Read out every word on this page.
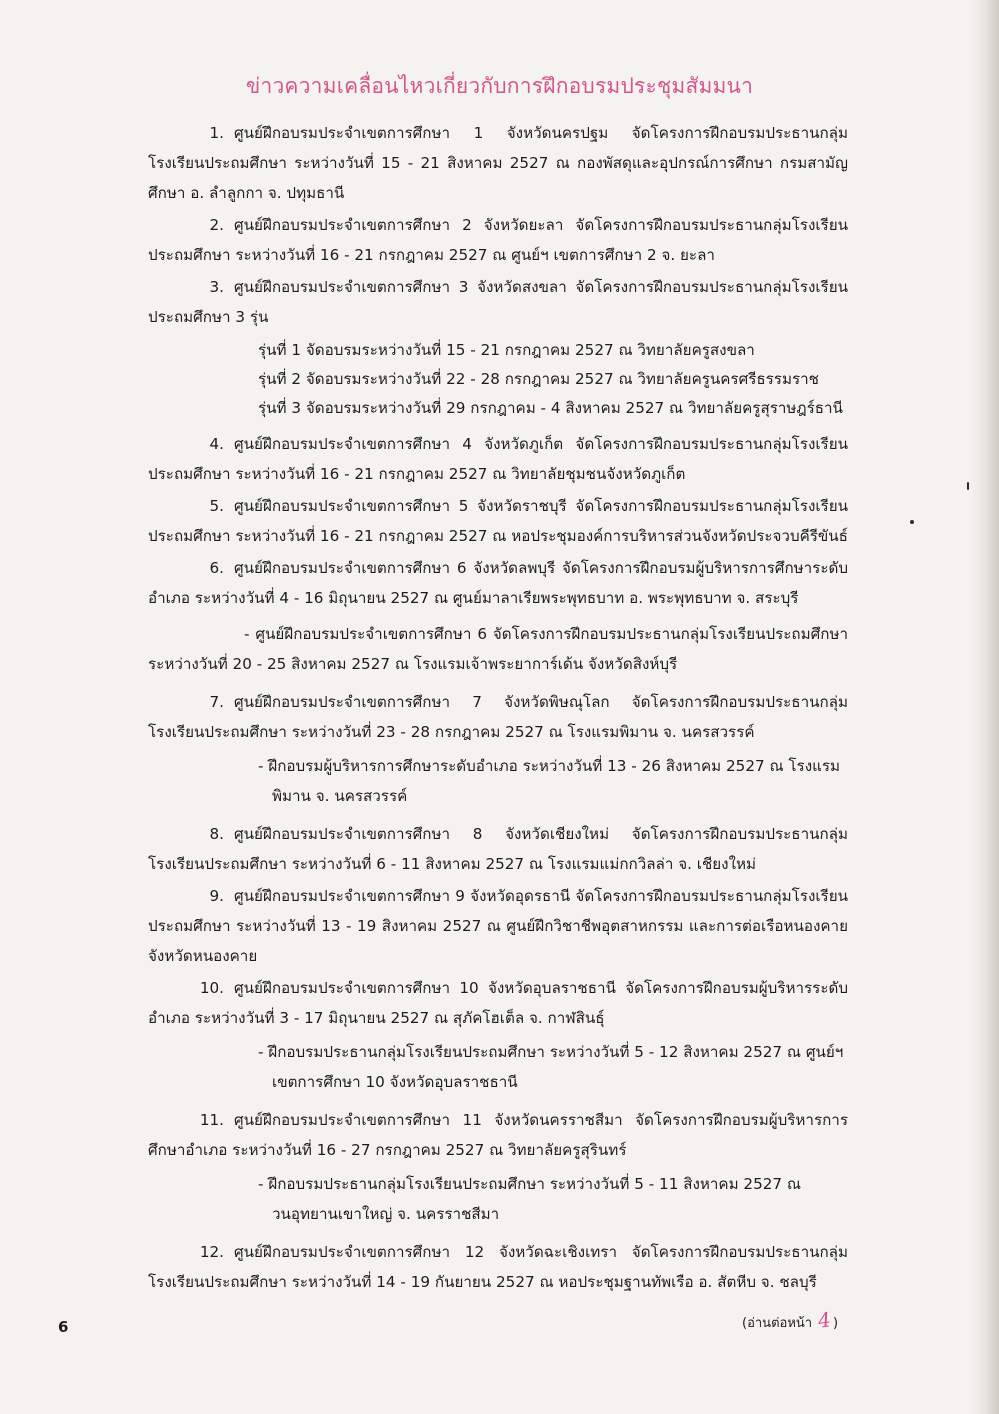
ข่าวความเคลื่อนไหวเกี่ยวกับการฝึกอบรมประชุมสัมมนา

1. ศูนย์ฝึกอบรมประจำเขตการศึกษา 1 จังหวัดนครปฐม จัดโครงการฝึกอบรมประธานกลุ่มโรงเรียนประถมศึกษา ระหว่างวันที่ 15 - 21 สิงหาคม 2527 ณ กองพัสดุและอุปกรณ์การศึกษา กรมสามัญศึกษา อ. ลำลูกกา จ. ปทุมธานี

2. ศูนย์ฝึกอบรมประจำเขตการศึกษา 2 จังหวัดยะลา จัดโครงการฝึกอบรมประธานกลุ่มโรงเรียนประถมศึกษา ระหว่างวันที่ 16 - 21 กรกฎาคม 2527 ณ ศูนย์ฯ เขตการศึกษา 2 จ. ยะลา

3. ศูนย์ฝึกอบรมประจำเขตการศึกษา 3 จังหวัดสงขลา จัดโครงการฝึกอบรมประธานกลุ่มโรงเรียนประถมศึกษา 3 รุ่น

รุ่นที่ 1 จัดอบรมระหว่างวันที่ 15 - 21 กรกฎาคม 2527 ณ วิทยาลัยครูสงขลา
รุ่นที่ 2 จัดอบรมระหว่างวันที่ 22 - 28 กรกฎาคม 2527 ณ วิทยาลัยครูนครศรีธรรมราช
รุ่นที่ 3 จัดอบรมระหว่างวันที่ 29 กรกฎาคม - 4 สิงหาคม 2527 ณ วิทยาลัยครูสุราษฎร์ธานี

4. ศูนย์ฝึกอบรมประจำเขตการศึกษา 4 จังหวัดภูเก็ต จัดโครงการฝึกอบรมประธานกลุ่มโรงเรียนประถมศึกษา ระหว่างวันที่ 16 - 21 กรกฎาคม 2527 ณ วิทยาลัยชุมชนจังหวัดภูเก็ต

5. ศูนย์ฝึกอบรมประจำเขตการศึกษา 5 จังหวัดราชบุรี จัดโครงการฝึกอบรมประธานกลุ่มโรงเรียนประถมศึกษา ระหว่างวันที่ 16 - 21 กรกฎาคม 2527 ณ หอประชุมองค์การบริหารส่วนจังหวัดประจวบคีรีขันธ์

6. ศูนย์ฝึกอบรมประจำเขตการศึกษา 6 จังหวัดลพบุรี จัดโครงการฝึกอบรมผู้บริหารการศึกษาระดับอำเภอ ระหว่างวันที่ 4 - 16 มิถุนายน 2527 ณ ศูนย์มาลาเรียพระพุทธบาท อ. พระพุทธบาท จ. สระบุรี

- ศูนย์ฝึกอบรมประจำเขตการศึกษา 6 จัดโครงการฝึกอบรมประธานกลุ่มโรงเรียนประถมศึกษาระหว่างวันที่ 20 - 25 สิงหาคม 2527 ณ โรงแรมเจ้าพระยาการ์เด้น จังหวัดสิงห์บุรี

7. ศูนย์ฝึกอบรมประจำเขตการศึกษา 7 จังหวัดพิษณุโลก จัดโครงการฝึกอบรมประธานกลุ่มโรงเรียนประถมศึกษา ระหว่างวันที่ 23 - 28 กรกฎาคม 2527 ณ โรงแรมพิมาน จ. นครสวรรค์

- ฝึกอบรมผู้บริหารการศึกษาระดับอำเภอ ระหว่างวันที่ 13 - 26 สิงหาคม 2527 ณ โรงแรมพิมาน จ. นครสวรรค์

8. ศูนย์ฝึกอบรมประจำเขตการศึกษา 8 จังหวัดเชียงใหม่ จัดโครงการฝึกอบรมประธานกลุ่มโรงเรียนประถมศึกษา ระหว่างวันที่ 6 - 11 สิงหาคม 2527 ณ โรงแรมแม่กกวิลล่า จ. เชียงใหม่

9. ศูนย์ฝึกอบรมประจำเขตการศึกษา 9 จังหวัดอุดรธานี จัดโครงการฝึกอบรมประธานกลุ่มโรงเรียนประถมศึกษา ระหว่างวันที่ 13 - 19 สิงหาคม 2527 ณ ศูนย์ฝึกวิชาชีพอุตสาหกรรม และการต่อเรือหนองคาย จังหวัดหนองคาย

10. ศูนย์ฝึกอบรมประจำเขตการศึกษา 10 จังหวัดอุบลราชธานี จัดโครงการฝึกอบรมผู้บริหารระดับอำเภอ ระหว่างวันที่ 3 - 17 มิถุนายน 2527 ณ สุภัคโฮเต็ล จ. กาฬสินธุ์

- ฝึกอบรมประธานกลุ่มโรงเรียนประถมศึกษา ระหว่างวันที่ 5 - 12 สิงหาคม 2527 ณ ศูนย์ฯ เขตการศึกษา 10 จังหวัดอุบลราชธานี

11. ศูนย์ฝึกอบรมประจำเขตการศึกษา 11 จังหวัดนครราชสีมา จัดโครงการฝึกอบรมผู้บริหารการศึกษาอำเภอ ระหว่างวันที่ 16 - 27 กรกฎาคม 2527 ณ วิทยาลัยครูสุรินทร์

- ฝึกอบรมประธานกลุ่มโรงเรียนประถมศึกษา ระหว่างวันที่ 5 - 11 สิงหาคม 2527 ณ วนอุทยานเขาใหญ่ จ. นครราชสีมา

12. ศูนย์ฝึกอบรมประจำเขตการศึกษา 12 จังหวัดฉะเชิงเทรา จัดโครงการฝึกอบรมประธานกลุ่มโรงเรียนประถมศึกษา ระหว่างวันที่ 14 - 19 กันยายน 2527 ณ หอประชุมฐานทัพเรือ อ. สัตหีบ จ. ชลบุรี

6	(อ่านต่อหน้า 4)
